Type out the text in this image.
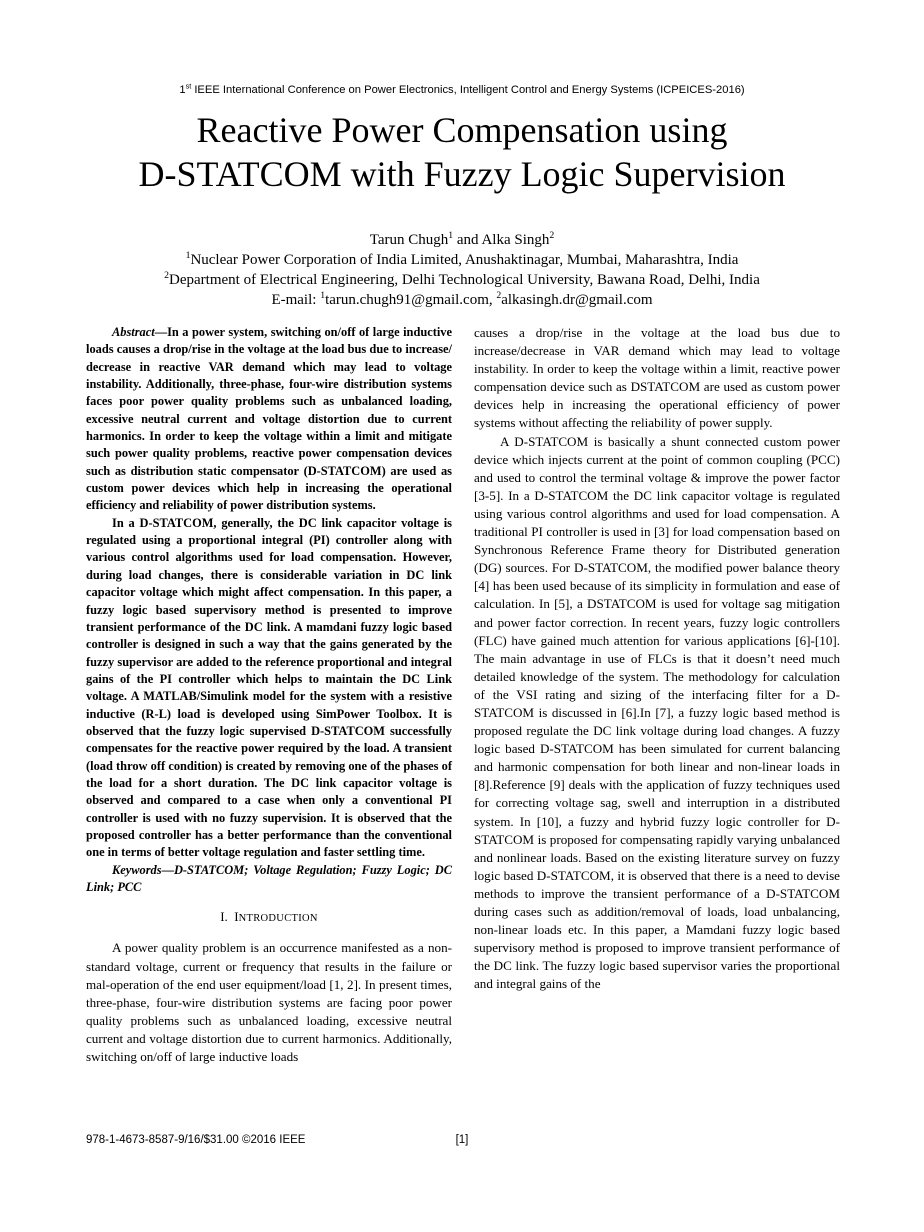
1st IEEE International Conference on Power Electronics, Intelligent Control and Energy Systems (ICPEICES-2016)
Reactive Power Compensation using
D-STATCOM with Fuzzy Logic Supervision
Tarun Chugh$^1$ and Alka Singh$^2$
$^1$Nuclear Power Corporation of India Limited, Anushaktinagar, Mumbai, Maharashtra, India
$^2$Department of Electrical Engineering, Delhi Technological University, Bawana Road, Delhi, India
E-mail: $^1$tarun.chugh91@gmail.com, $^2$alkasingh.dr@gmail.com

Abstract—In a power system, switching on/off of large inductive loads causes a drop/rise in the voltage at the load bus due to increase/ decrease in reactive VAR demand which may lead to voltage instability. Additionally, three-phase, four-wire distribution systems faces poor power quality problems such as unbalanced loading, excessive neutral current and voltage distortion due to current harmonics. In order to keep the voltage within a limit and mitigate such power quality problems, reactive power compensation devices such as distribution static compensator (D-STATCOM) are used as custom power devices which help in increasing the operational efficiency and reliability of power distribution systems.

In a D-STATCOM, generally, the DC link capacitor voltage is regulated using a proportional integral (PI) controller along with various control algorithms used for load compensation. However, during load changes, there is considerable variation in DC link capacitor voltage which might affect compensation. In this paper, a fuzzy logic based supervisory method is presented to improve transient performance of the DC link. A mamdani fuzzy logic based controller is designed in such a way that the gains generated by the fuzzy supervisor are added to the reference proportional and integral gains of the PI controller which helps to maintain the DC Link voltage. A MATLAB/Simulink model for the system with a resistive inductive (R-L) load is developed using SimPower Toolbox. It is observed that the fuzzy logic supervised D-STATCOM successfully compensates for the reactive power required by the load. A transient (load throw off condition) is created by removing one of the phases of the load for a short duration. The DC link capacitor voltage is observed and compared to a case when only a conventional PI controller is used with no fuzzy supervision. It is observed that the proposed controller has a better performance than the conventional one in terms of better voltage regulation and faster settling time.

Keywords—D-STATCOM; Voltage Regulation; Fuzzy Logic; DC Link; PCC

I. INTRODUCTION

A power quality problem is an occurrence manifested as a non-standard voltage, current or frequency that results in the failure or mal-operation of the end user equipment/load [1, 2]. In present times, three-phase, four-wire distribution systems are facing poor power quality problems such as unbalanced loading, excessive neutral current and voltage distortion due to current harmonics. Additionally, switching on/off of large inductive loads

causes a drop/rise in the voltage at the load bus due to increase/decrease in VAR demand which may lead to voltage instability. In order to keep the voltage within a limit, reactive power compensation device such as DSTATCOM are used as custom power devices help in increasing the operational efficiency of power systems without affecting the reliability of power supply.

A D-STATCOM is basically a shunt connected custom power device which injects current at the point of common coupling (PCC) and used to control the terminal voltage & improve the power factor [3-5]. In a D-STATCOM the DC link capacitor voltage is regulated using various control algorithms and used for load compensation. A traditional PI controller is used in [3] for load compensation based on Synchronous Reference Frame theory for Distributed generation (DG) sources. For D-STATCOM, the modified power balance theory [4] has been used because of its simplicity in formulation and ease of calculation. In [5], a DSTATCOM is used for voltage sag mitigation and power factor correction. In recent years, fuzzy logic controllers (FLC) have gained much attention for various applications [6]-[10]. The main advantage in use of FLCs is that it doesn’t need much detailed knowledge of the system. The methodology for calculation of the VSI rating and sizing of the interfacing filter for a D-STATCOM is discussed in [6].In [7], a fuzzy logic based method is proposed regulate the DC link voltage during load changes. A fuzzy logic based D-STATCOM has been simulated for current balancing and harmonic compensation for both linear and non-linear loads in [8].Reference [9] deals with the application of fuzzy techniques used for correcting voltage sag, swell and interruption in a distributed system. In [10], a fuzzy and hybrid fuzzy logic controller for D-STATCOM is proposed for compensating rapidly varying unbalanced and nonlinear loads. Based on the existing literature survey on fuzzy logic based D-STATCOM, it is observed that there is a need to devise methods to improve the transient performance of a D-STATCOM during cases such as addition/removal of loads, load unbalancing, non-linear loads etc. In this paper, a Mamdani fuzzy logic based supervisory method is proposed to improve transient performance of the DC link. The fuzzy logic based supervisor varies the proportional and integral gains of the

978-1-4673-8587-9/16/$31.00 ©2016 IEEE	[1]
